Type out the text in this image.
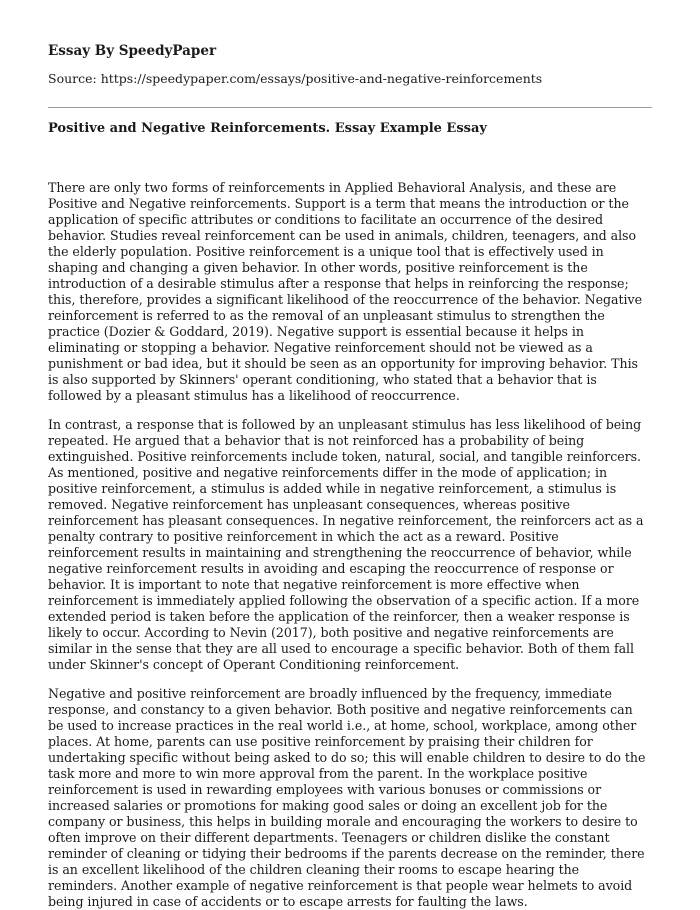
Essay By SpeedyPaper
Source: https://speedypaper.com/essays/positive-and-negative-reinforcements
Positive and Negative Reinforcements. Essay Example Essay

There are only two forms of reinforcements in Applied Behavioral Analysis, and these are Positive and Negative reinforcements. Support is a term that means the introduction or the application of specific attributes or conditions to facilitate an occurrence of the desired behavior. Studies reveal reinforcement can be used in animals, children, teenagers, and also the elderly population. Positive reinforcement is a unique tool that is effectively used in shaping and changing a given behavior. In other words, positive reinforcement is the introduction of a desirable stimulus after a response that helps in reinforcing the response; this, therefore, provides a significant likelihood of the reoccurrence of the behavior. Negative reinforcement is referred to as the removal of an unpleasant stimulus to strengthen the practice (Dozier & Goddard, 2019). Negative support is essential because it helps in eliminating or stopping a behavior. Negative reinforcement should not be viewed as a punishment or bad idea, but it should be seen as an opportunity for improving behavior. This is also supported by Skinners' operant conditioning, who stated that a behavior that is followed by a pleasant stimulus has a likelihood of reoccurrence.

In contrast, a response that is followed by an unpleasant stimulus has less likelihood of being repeated. He argued that a behavior that is not reinforced has a probability of being extinguished. Positive reinforcements include token, natural, social, and tangible reinforcers. As mentioned, positive and negative reinforcements differ in the mode of application; in positive reinforcement, a stimulus is added while in negative reinforcement, a stimulus is removed. Negative reinforcement has unpleasant consequences, whereas positive reinforcement has pleasant consequences. In negative reinforcement, the reinforcers act as a penalty contrary to positive reinforcement in which the act as a reward. Positive reinforcement results in maintaining and strengthening the reoccurrence of behavior, while negative reinforcement results in avoiding and escaping the reoccurrence of response or behavior. It is important to note that negative reinforcement is more effective when reinforcement is immediately applied following the observation of a specific action. If a more extended period is taken before the application of the reinforcer, then a weaker response is likely to occur. According to Nevin (2017), both positive and negative reinforcements are similar in the sense that they are all used to encourage a specific behavior. Both of them fall under Skinner's concept of Operant Conditioning reinforcement.

Negative and positive reinforcement are broadly influenced by the frequency, immediate response, and constancy to a given behavior. Both positive and negative reinforcements can be used to increase practices in the real world i.e., at home, school, workplace, among other places. At home, parents can use positive reinforcement by praising their children for undertaking specific without being asked to do so; this will enable children to desire to do the task more and more to win more approval from the parent. In the workplace positive reinforcement is used in rewarding employees with various bonuses or commissions or increased salaries or promotions for making good sales or doing an excellent job for the company or business, this helps in building morale and encouraging the workers to desire to often improve on their different departments. Teenagers or children dislike the constant reminder of cleaning or tidying their bedrooms if the parents decrease on the reminder, there is an excellent likelihood of the children cleaning their rooms to escape hearing the reminders. Another example of negative reinforcement is that people wear helmets to avoid being injured in case of accidents or to escape arrests for faulting the laws.
